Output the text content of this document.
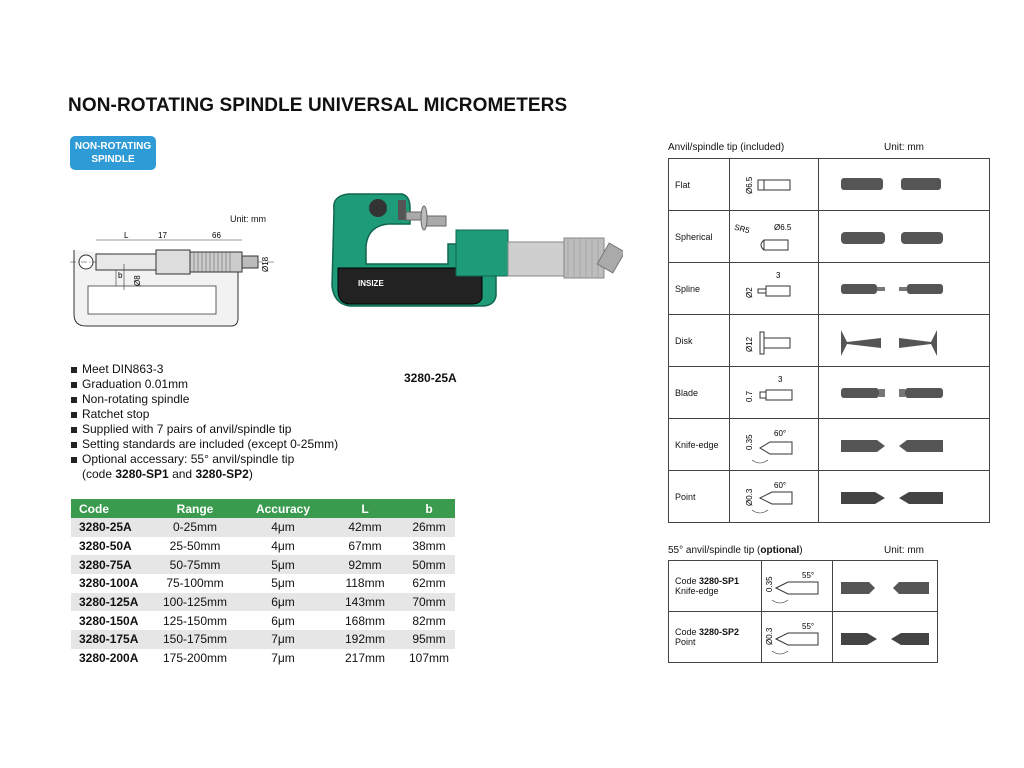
NON-ROTATING SPINDLE UNIVERSAL MICROMETERS
NON-ROTATING
SPINDLE
Unit: mm
L	17	66
b Ø8
Ø18
INSIZE
3280-25A
Meet DIN863-3
Graduation 0.01mm
Non-rotating spindle
Ratchet stop
Supplied with 7 pairs of anvil/spindle tip
Setting standards are included (except 0-25mm)
Optional accessary: 55° anvil/spindle tip
(code 3280-SP1 and 3280-SP2)
Code	Range	Accuracy	L	b
3280-25A	0-25mm	4μm	42mm	26mm
3280-50A	25-50mm	4μm	67mm	38mm
3280-75A	50-75mm	5μm	92mm	50mm
3280-100A	75-100mm	5μm	118mm	62mm
3280-125A	100-125mm	6μm	143mm	70mm
3280-150A	125-150mm	6μm	168mm	82mm
3280-175A	150-175mm	7μm	192mm	95mm
3280-200A	175-200mm	7μm	217mm	107mm
Anvil/spindle tip (included)	Unit: mm
Flat	Ø6.5

Spherical	SR5 Ø6.5

Spline	3
Ø2

Disk	Ø12

Blade	3
0.7

Knife-edge	60°
0.35

Point	60°
Ø0.3

55° anvil/spindle tip (optional)	Unit: mm
Code 3280-SP1
Knife-edge	55°
0.35

Code 3280-SP2
Point	55°
Ø0.3
